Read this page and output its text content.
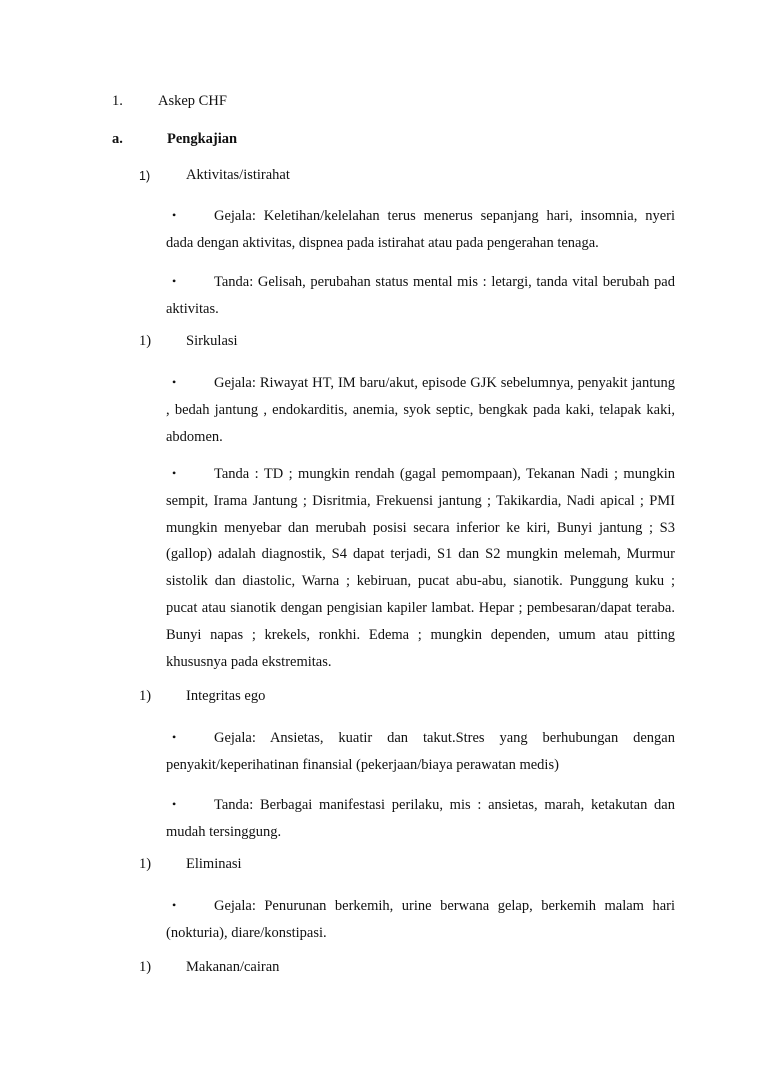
1. Askep CHF
a.	Pengkajian
1) Aktivitas/istirahat

•	Gejala: Keletihan/kelelahan terus menerus sepanjang hari, insomnia, nyeri dada dengan aktivitas, dispnea pada istirahat atau pada pengerahan tenaga.

•	Tanda: Gelisah, perubahan status mental mis : letargi, tanda vital berubah pad aktivitas.

1) Sirkulasi

•	Gejala: Riwayat HT, IM baru/akut, episode GJK sebelumnya, penyakit jantung , bedah jantung , endokarditis, anemia, syok septic, bengkak pada kaki, telapak kaki, abdomen.

•	Tanda : TD ; mungkin rendah (gagal pemompaan), Tekanan Nadi ; mungkin sempit, Irama Jantung ; Disritmia, Frekuensi jantung ; Takikardia, Nadi apical ; PMI mungkin menyebar dan merubah posisi secara inferior ke kiri, Bunyi jantung ; S3 (gallop) adalah diagnostik, S4 dapat terjadi, S1 dan S2 mungkin melemah, Murmur sistolik dan diastolic, Warna ; kebiruan, pucat abu-abu, sianotik. Punggung kuku ; pucat atau sianotik dengan pengisian kapiler lambat. Hepar ; pembesaran/dapat teraba. Bunyi napas ; krekels, ronkhi. Edema ; mungkin dependen, umum atau pitting khususnya pada ekstremitas.

1) Integritas ego

•	Gejala: Ansietas, kuatir dan takut.Stres yang berhubungan dengan penyakit/keperihatinan finansial (pekerjaan/biaya perawatan medis)

•	Tanda: Berbagai manifestasi perilaku, mis : ansietas, marah, ketakutan dan mudah tersinggung.

1) Eliminasi

•	Gejala: Penurunan berkemih, urine berwana gelap, berkemih malam hari (nokturia), diare/konstipasi.

1) Makanan/cairan
